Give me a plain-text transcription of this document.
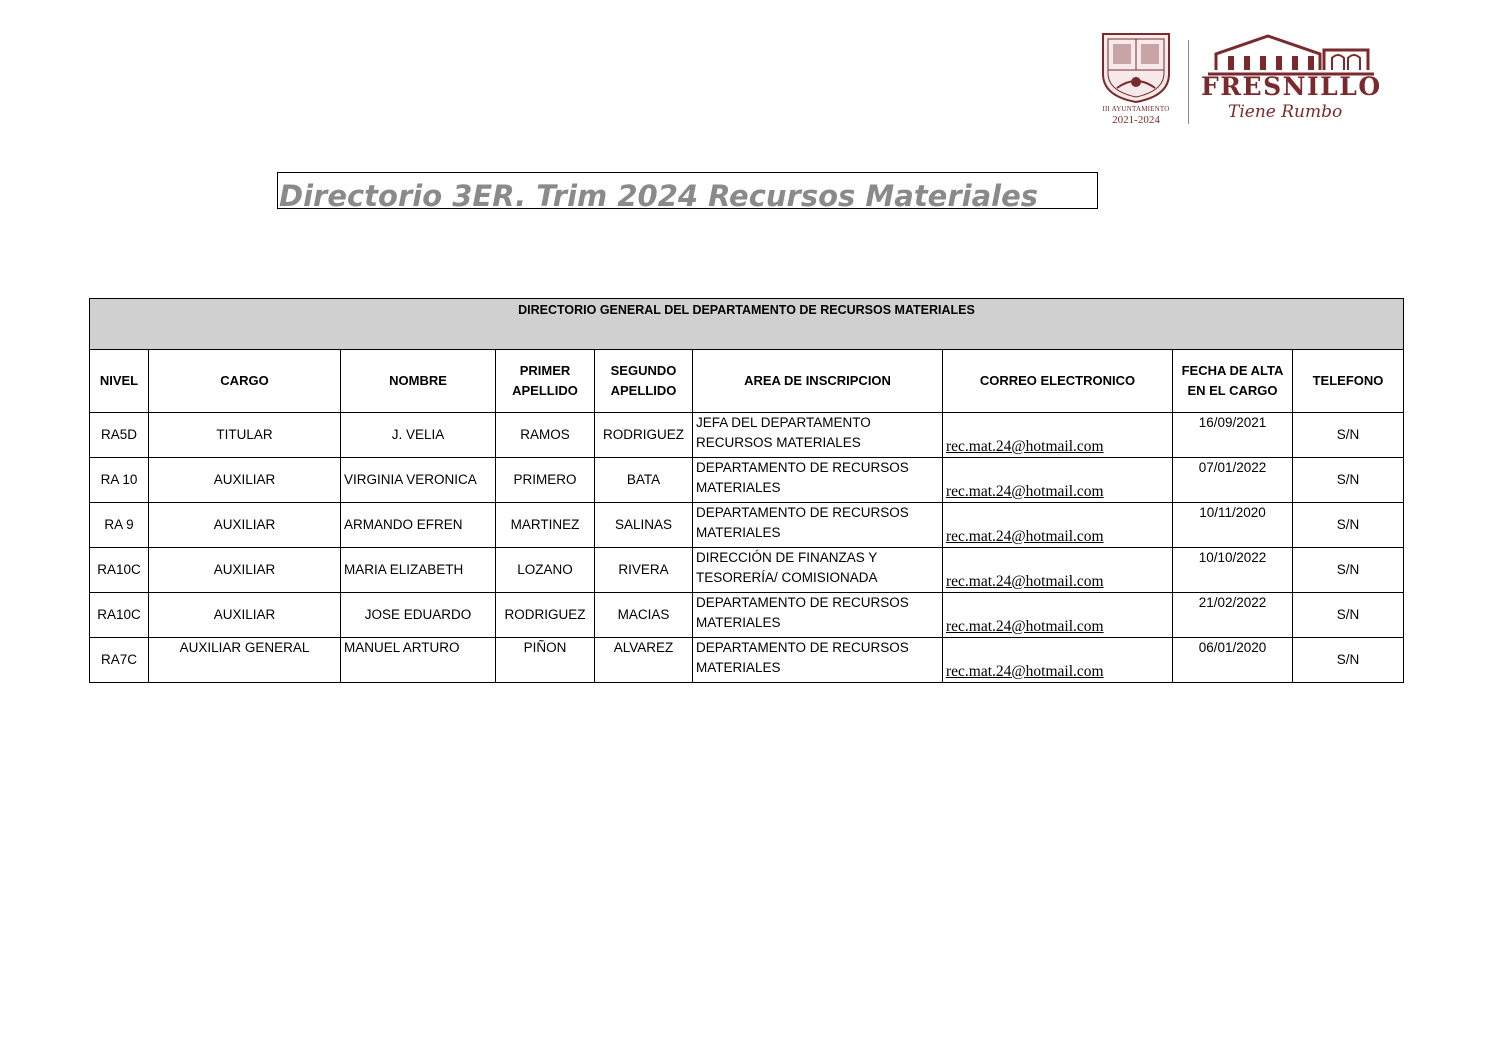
III AYUNTAMIENTO
2021-2024
FRESNILLO
Tiene Rumbo
Directorio 3ER. Trim 2024 Recursos Materiales
DIRECTORIO GENERAL DEL DEPARTAMENTO DE RECURSOS MATERIALES								
NIVEL	CARGO	NOMBRE	PRIMER APELLIDO	SEGUNDO APELLIDO	AREA DE INSCRIPCION	CORREO ELECTRONICO	FECHA DE ALTA EN EL CARGO	TELEFONO
RA5D	TITULAR	J. VELIA	RAMOS	RODRIGUEZ	JEFA DEL DEPARTAMENTO RECURSOS MATERIALES	rec.mat.24@hotmail.com	16/09/2021	S/N
RA 10	AUXILIAR	VIRGINIA VERONICA	PRIMERO	BATA	DEPARTAMENTO DE RECURSOS MATERIALES	rec.mat.24@hotmail.com	07/01/2022	S/N
RA 9	AUXILIAR	ARMANDO EFREN	MARTINEZ	SALINAS	DEPARTAMENTO DE RECURSOS MATERIALES	rec.mat.24@hotmail.com	10/11/2020	S/N
RA10C	AUXILIAR	MARIA ELIZABETH	LOZANO	RIVERA	DIRECCIÓN DE FINANZAS Y TESORERÍA/ COMISIONADA	rec.mat.24@hotmail.com	10/10/2022	S/N
RA10C	AUXILIAR	JOSE EDUARDO	RODRIGUEZ	MACIAS	DEPARTAMENTO DE RECURSOS MATERIALES	rec.mat.24@hotmail.com	21/02/2022	S/N
RA7C	AUXILIAR GENERAL	MANUEL ARTURO	PIÑON	ALVAREZ	DEPARTAMENTO DE RECURSOS MATERIALES	rec.mat.24@hotmail.com	06/01/2020	S/N
